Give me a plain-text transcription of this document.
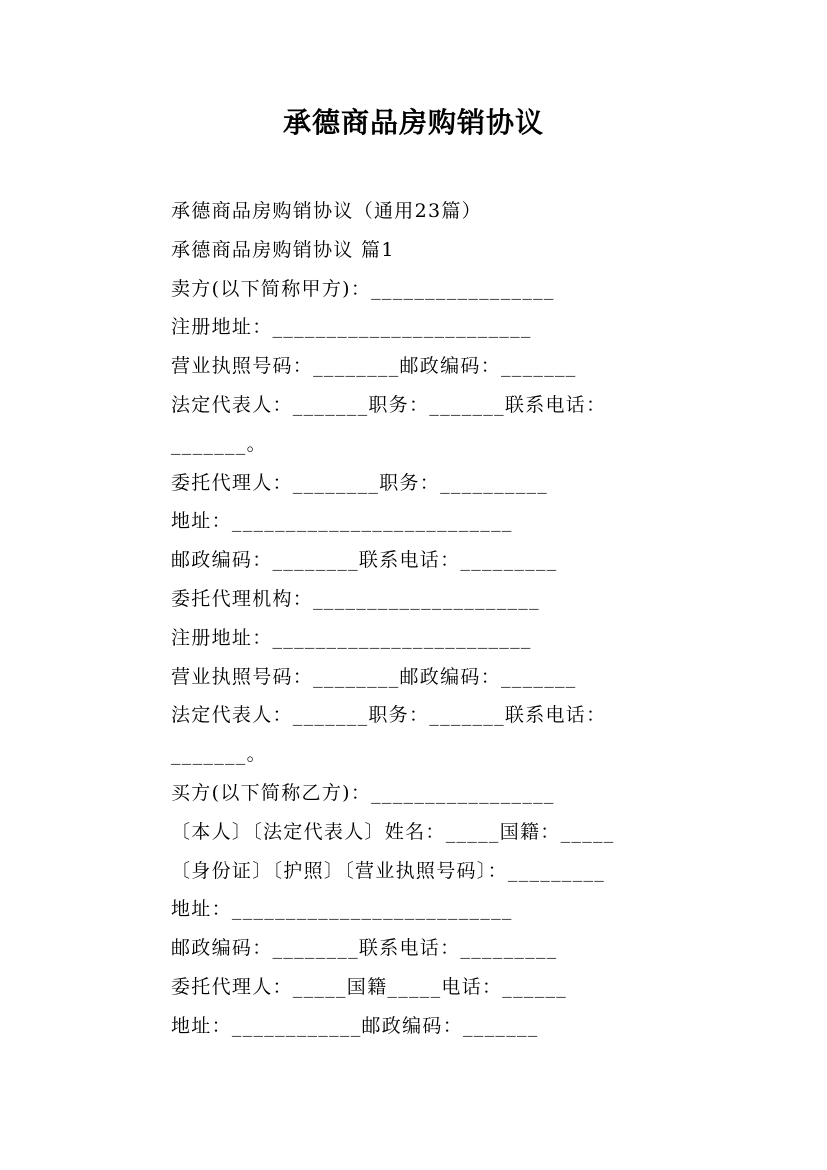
承德商品房购销协议
承德商品房购销协议（通用23篇）
承德商品房购销协议 篇1
卖方(以下简称甲方)：_________________
注册地址：________________________
营业执照号码：________邮政编码：_______
法定代表人：_______职务：_______联系电话：
_______。
委托代理人：________职务：__________
地址：__________________________
邮政编码：________联系电话：_________
委托代理机构：_____________________
注册地址：________________________
营业执照号码：________邮政编码：_______
法定代表人：_______职务：_______联系电话：
_______。
买方(以下简称乙方)：_________________
〔本人〕〔法定代表人〕姓名：_____国籍：_____
〔身份证〕〔护照〕〔营业执照号码〕：_________
地址：__________________________
邮政编码：________联系电话：_________
委托代理人：_____国籍_____电话：______
地址：____________邮政编码：_______
